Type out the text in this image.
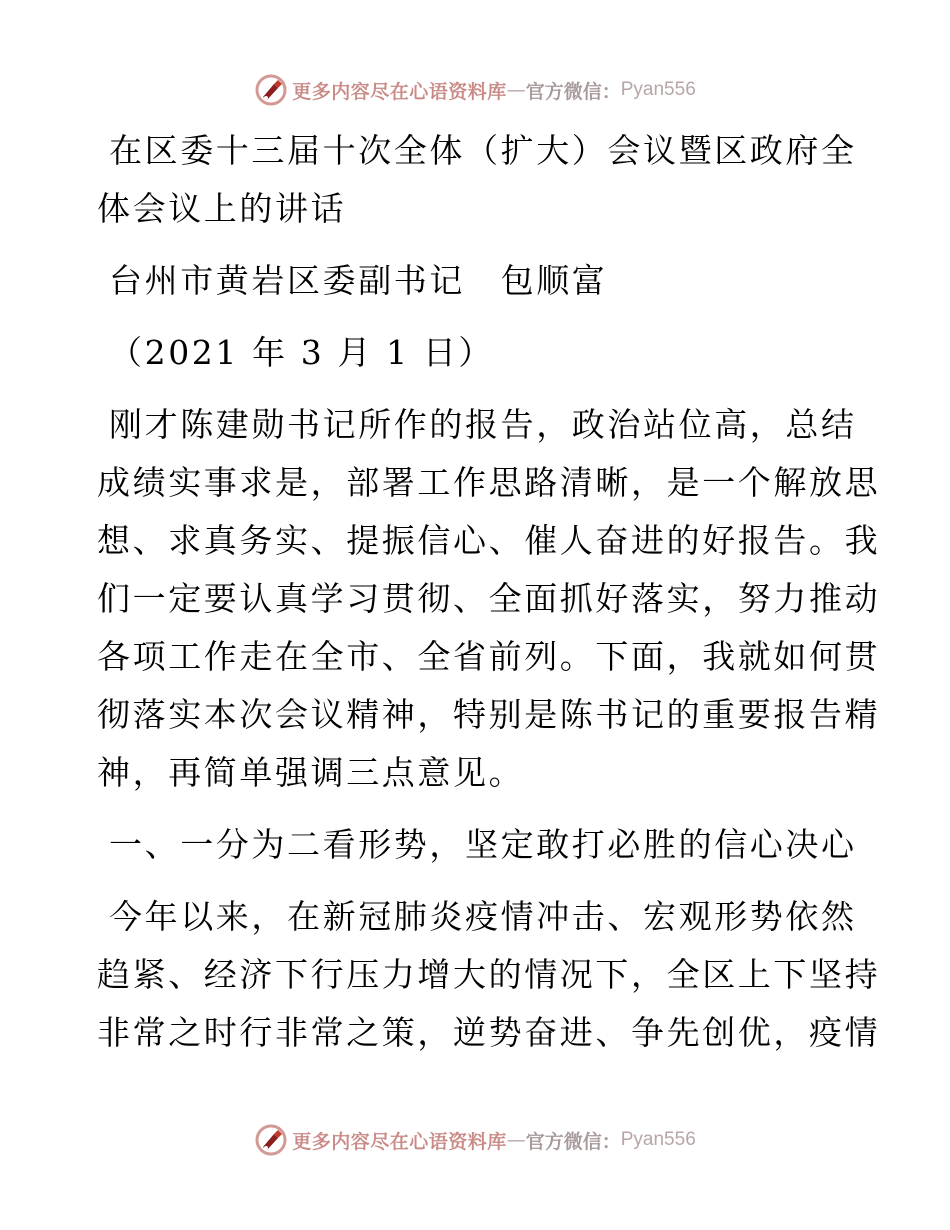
更多内容尽在心语资料库 — 官方微信： Pyan556
在区委十三届十次全体（扩大）会议暨区政府全
体会议上的讲话
台州市黄岩区委副书记　包顺富
（2021 年 3 月 1 日）
刚才陈建勋书记所作的报告，政治站位高，总结
成绩实事求是，部署工作思路清晰，是一个解放思
想、求真务实、提振信心、催人奋进的好报告。我
们一定要认真学习贯彻、全面抓好落实，努力推动
各项工作走在全市、全省前列。下面，我就如何贯
彻落实本次会议精神，特别是陈书记的重要报告精
神，再简单强调三点意见。
一、一分为二看形势，坚定敢打必胜的信心决心
今年以来，在新冠肺炎疫情冲击、宏观形势依然
趋紧、经济下行压力增大的情况下，全区上下坚持
非常之时行非常之策，逆势奋进、争先创优，疫情
更多内容尽在心语资料库 — 官方微信： Pyan556
